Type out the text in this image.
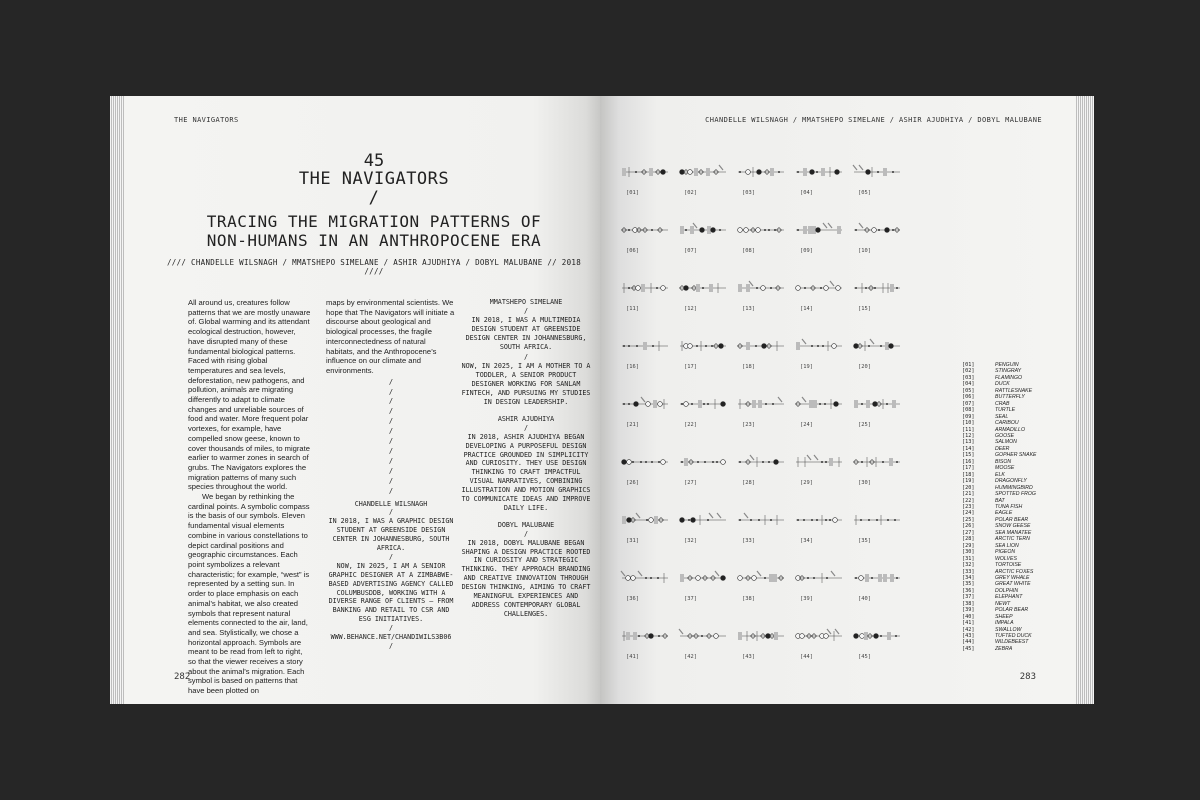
THE NAVIGATORS
45
THE NAVIGATORS
/
TRACING THE MIGRATION PATTERNS OF
NON-HUMANS IN AN ANTHROPOCENE ERA
//// CHANDELLE WILSNAGH / MMATSHEPO SIMELANE / ASHIR AJUDHIYA / DOBYL MALUBANE // 2018 ////

All around us, creatures follow patterns that we are mostly unaware of. Global warming and its attendant ecological destruction, however, have disrupted many of these fundamental biological patterns. Faced with rising global temperatures and sea levels, deforestation, new pathogens, and pollution, animals are migrating differently to adapt to climate changes and unreliable sources of food and water. More frequent polar vortexes, for example, have compelled snow geese, known to cover thousands of miles, to migrate earlier to warmer zones in search of grubs. The Navigators explores the migration patterns of many such species throughout the world.

We began by rethinking the cardinal points. A symbolic compass is the basis of our symbols. Eleven fundamental visual elements combine in various constellations to depict cardinal positions and geographic circumstances. Each point symbolizes a relevant characteristic; for example, “west” is represented by a setting sun. In order to place emphasis on each animal’s habitat, we also created symbols that represent natural elements connected to the air, land, and sea. Stylistically, we chose a horizontal approach. Symbols are meant to be read from left to right, so that the viewer receives a story about the animal’s migration. Each symbol is based on patterns that have been plotted on

maps by environmental scientists. We hope that The Navigators will initiate a discourse about geological and biological processes, the fragile interconnectedness of natural habitats, and the Anthropocene’s influence on our climate and environments.

/
/
/
/
/
/
/
/
/
/
/
/
CHANDELLE WILSNAGH
/
IN 2018, I WAS A GRAPHIC DESIGN STUDENT AT GREENSIDE DESIGN CENTER IN JOHANNESBURG, SOUTH AFRICA.
/
NOW, IN 2025, I AM A SENIOR GRAPHIC DESIGNER AT A ZIMBABWE-BASED ADVERTISING AGENCY CALLED COLUMBUSDDB, WORKING WITH A DIVERSE RANGE OF CLIENTS — FROM BANKING AND RETAIL TO CSR AND ESG INITIATIVES.
/
WWW.BEHANCE.NET/CHANDIWILS3B06
/
MMATSHEPO SIMELANE
/
IN 2018, I WAS A MULTIMEDIA DESIGN STUDENT AT GREENSIDE DESIGN CENTER IN JOHANNESBURG, SOUTH AFRICA.
/
NOW, IN 2025, I AM A MOTHER TO A TODDLER, A SENIOR PRODUCT DESIGNER WORKING FOR SANLAM FINTECH, AND PURSUING MY STUDIES IN DESIGN LEADERSHIP.
ASHIR AJUDHIYA
/
IN 2018, ASHIR AJUDHIYA BEGAN DEVELOPING A PURPOSEFUL DESIGN PRACTICE GROUNDED IN SIMPLICITY AND CURIOSITY. THEY USE DESIGN THINKING TO CRAFT IMPACTFUL VISUAL NARRATIVES, COMBINING ILLUSTRATION AND MOTION GRAPHICS TO COMMUNICATE IDEAS AND IMPROVE DAILY LIFE.
DOBYL MALUBANE
/
IN 2018, DOBYL MALUBANE BEGAN SHAPING A DESIGN PRACTICE ROOTED IN CURIOSITY AND STRATEGIC THINKING. THEY APPROACH BRANDING AND CREATIVE INNOVATION THROUGH DESIGN THINKING, AIMING TO CRAFT MEANINGFUL EXPERIENCES AND ADDRESS CONTEMPORARY GLOBAL CHALLENGES.
282
CHANDELLE WILSNAGH / MMATSHEPO SIMELANE / ASHIR AJUDHIYA / DOBYL MALUBANE
[01]	[02]	[03]	[04]	[05]
[06]	[07]	[08]	[09]	[10]
[11]	[12]	[13]	[14]	[15]
[16]	[17]	[18]	[19]	[20]
[21]	[22]	[23]	[24]	[25]
[26]	[27]	[28]	[29]	[30]
[31]	[32]	[33]	[34]	[35]
[36]	[37]	[38]	[39]	[40]
[41]	[42]	[43]	[44]	[45]
[01]	PENGUIN
[02]	STINGRAY
[03]	FLAMINGO
[04]	DUCK
[05]	RATTLESNAKE
[06]	BUTTERFLY
[07]	CRAB
[08]	TURTLE
[09]	SEAL
[10]	CARIBOU
[11]	ARMADILLO
[12]	GOOSE
[13]	SALMON
[14]	DEER
[15]	GOPHER SNAKE
[16]	BISON
[17]	MOOSE
[18]	ELK
[19]	DRAGONFLY
[20]	HUMMINGBIRD
[21]	SPOTTED FROG
[22]	BAT
[23]	TUNA FISH
[24]	EAGLE
[25]	POLAR BEAR
[26]	SNOW GEESE
[27]	SEA MANATEE
[28]	ARCTIC TERN
[29]	SEA LION
[30]	PIGEON
[31]	WOLVES
[32]	TORTOISE
[33]	ARCTIC FOXES
[34]	GREY WHALE
[35]	GREAT WHITE
[36]	DOLPHIN
[37]	ELEPHANT
[38]	NEWT
[39]	POLAR BEAR
[40]	SHEEP
[41]	IMPALA
[42]	SWALLOW
[43]	TUFTED DUCK
[44]	WILDEBEEST
[45]	ZEBRA
283
